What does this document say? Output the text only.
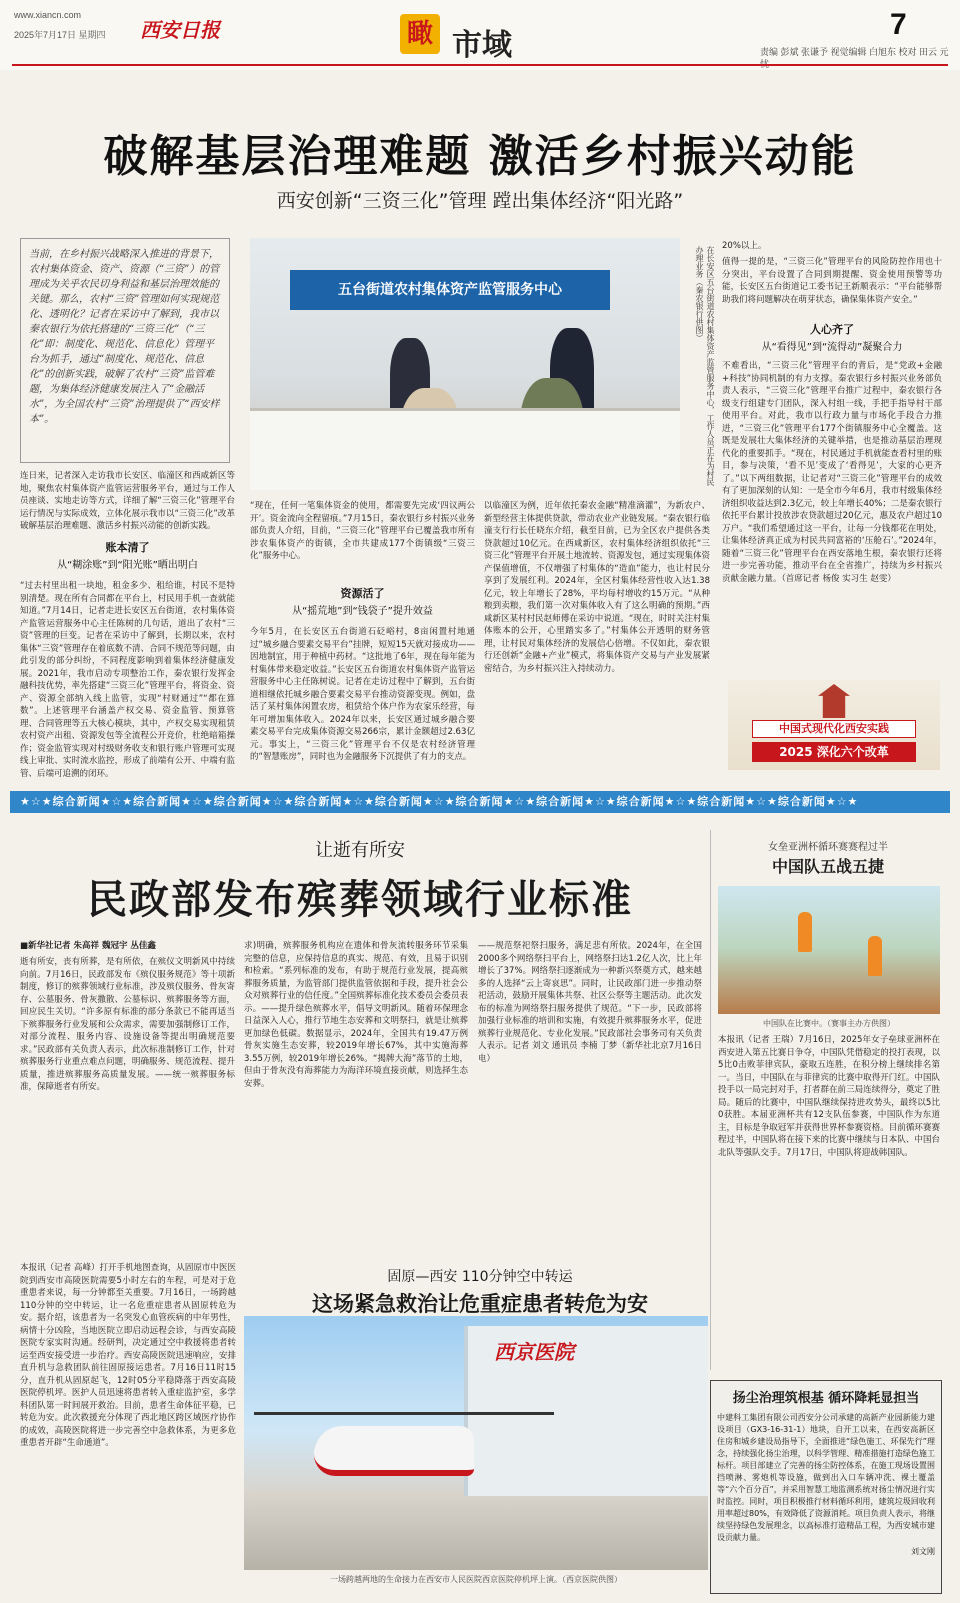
www.xiancn.com
2025年7月17日 星期四 西安日报	瞰 市域
7
责编 彭斌 张谦予 视觉编辑 白旭东 校对 田云 元
破解基层治理难题 激活乡村振兴动能
西安创新“三资三化”管理 蹚出集体经济“阳光路”
当前，在乡村振兴战略深入推进的背景下，农村集体资金、资产、资源（“三资”）的管理成为关乎农民切身利益和基层治理效能的关键。那么，农村“三资”管理如何实现规范化、透明化？记者在采访中了解到，我市以秦农银行为依托搭建的“三资三化”（“三化”即：制度化、规范化、信息化）管理平台为抓手，通过“制度化、规范化、信息化”的创新实践，破解了农村“三资”监管难题，为集体经济健康发展注入了“金融活水”，为全国农村“三资”治理提供了“西安样本”。
五台街道农村集体资产监管服务中心	在长安区五台街道农村集体资产监管服务中心，工作人员正在为村民办理业务（秦农银行供图）
连日来，记者深入走访我市长安区、临潼区和西咸新区等地，聚焦农村集体资产监管运营服务平台，通过与工作人员座谈、实地走访等方式，详细了解“三资三化”管理平台运行情况与实际成效，立体化展示我市以“三资三化”改革破解基层治理难题、激活乡村振兴动能的创新实践。
账本清了
从“糊涂账”到“阳光账”晒出明白
“过去村里出租一块地，租金多少、租给谁，村民不是特别清楚。现在所有合同都在平台上，村民用手机一查就能知道。”7月14日，记者走进长安区五台街道，农村集体资产监管运营服务中心主任陈树的几句话，道出了农村“三资”管理的巨变。记者在采访中了解到，长期以来，农村集体“三资”管理存在着底数不清、合同不规范等问题，由此引发的部分纠纷，不同程度影响到着集体经济健康发展。2021年，我市启动专项整治工作，秦农银行发挥金融科技优势，率先搭建“三资三化”管理平台，将资金、资产、资源全部纳入线上监管，实现“村财通过”“都在算数”。上述管理平台涵盖产权交易、资金监管、预算管理、合同管理等五大核心模块，其中，产权交易实现租赁农村资产出租、资源发包等全流程公开竞价，杜绝暗箱操作；资金监管实现对村级财务收支和银行账户管理可实现线上审批、实时流水监控，形成了前端有公开、中端有监管、后端可追溯的闭环。
“现在，任何一笔集体资金的使用，都需要先完成‘四议两公开’。资金流向全程留痕。”7月15日，秦农银行乡村振兴业务部负责人介绍，目前，“三资三化”管理平台已覆盖我市所有涉农集体资产的街镇，全市共建成177个街镇级“三资三化”服务中心。
资源活了
从“摇荒地”到“钱袋子”提升效益
今年5月，在长安区五台街道石砭峪村，8亩闲置村地通过“城乡融合要素交易平台”挂牌，短短15天就对接成功——因地制宜，用于种植中药材。“这批地了6年，现在每年能为村集体带来稳定收益。”长安区五台街道农村集体资产监管运营服务中心主任陈树说。记者在走访过程中了解到，五台街道相继依托城乡融合要素交易平台推动资源变现。例如，盘活了某村集体闲置农房，租赁给个体户作为农家乐经营，每年可增加集体收入。2024年以来，长安区通过城乡融合要素交易平台完成集体资源交易266宗，累计金额超过2.63亿元。事实上，“三资三化”管理平台不仅是农村经济管理的“智慧账房”，同时也为金融服务下沉提供了有力的支点。
以临潼区为例，近年依托秦农金融“精准滴灌”，为新农户、新型经营主体提供贷款，带动农业产业链发展。“秦农银行临潼支行行长任晓东介绍，截至目前，已为全区农户提供各类贷款超过10亿元。在西咸新区，农村集体经济组织依托“三资三化”管理平台开展土地流转、资源发包，通过实现集体资产保值增值，不仅增强了村集体的“造血”能力，也让村民分享到了发展红利。2024年，全区村集体经营性收入达1.38亿元，较上年增长了28%，平均每村增收约15万元。“从种粮到卖粮，我们第一次对集体收入有了这么明确的预期。”西咸新区某村村民赵师傅在采访中说道。“现在，时时关注村集体账本的公开，心里踏实多了。”村集体公开透明的财务管理，让村民对集体经济的发展信心倍增。不仅如此，秦农银行还创新“金融+产业”模式，将集体资产交易与产业发展紧密结合，为乡村振兴注入持续动力。
20%以上。
值得一提的是，“三资三化”管理平台的风险防控作用也十分突出，平台设置了合同到期提醒、资金使用预警等功能，长安区五台街道记工委书记王新顺表示：“平台能够帮助我们将问题解决在萌芽状态，确保集体资产安全。”
人心齐了
从“看得见”到“流得动”凝聚合力
不难看出，“三资三化”管理平台的背后，是“党政+金融+科技”协同机制的有力支撑。秦农银行乡村振兴业务部负责人表示，“三资三化”管理平台推广过程中，秦农银行各级支行组建专门团队，深入村组一线，手把手指导村干部使用平台。对此，我市以行政力量与市场化手段合力推进，“三资三化”管理平台177个街镇服务中心全覆盖。这既是发展壮大集体经济的关键举措，也是推动基层治理现代化的重要抓手。“现在，村民通过手机就能查看村里的账目，参与决策，‘看不见’变成了‘看得见’，大家的心更齐了。”以下两组数据，让记者对“三资三化”管理平台的成效有了更加深刻的认知：一是全市今年6月，我市村级集体经济组织收益达到2.3亿元，较上年增长40%；二是秦农银行依托平台累计投放涉农贷款超过20亿元，惠及农户超过10万户。“我们希望通过这一平台，让每一分钱都花在明处，让集体经济真正成为村民共同富裕的‘压舱石’。”2024年，随着“三资三化”管理平台在西安落地生根，秦农银行还将进一步完善功能，推动平台在全省推广，持续为乡村振兴贡献金融力量。（首席记者 杨俊 实习生 赵雯）
中国式现代化西安实践
2025 深化六个改革
★☆★综合新闻★☆★综合新闻★☆★综合新闻★☆★综合新闻★☆★综合新闻★☆★综合新闻★☆★综合新闻★☆★综合新闻★☆★综合新闻★☆★综合新闻★☆★
让逝有所安
民政部发布殡葬领域行业标准
■新华社记者 朱高祥 魏冠宇 丛佳鑫
逝有所安，丧有所葬，是有所依，在殡仪文明新风中持续向前。7月16日，民政部发布《殡仪服务规范》等十项新制度，修订的殡葬领域行业标准，涉及殡仪服务、骨灰寄存、公墓服务、骨灰撒散、公墓标识、殡葬服务等方面，回应民生关切。“许多原有标准的部分条款已不能再适当下殡葬服务行业发展和公众需求，需要加强制修订工作，对部分流程、服务内容、设施设备等提出明确规范要求。”民政部有关负责人表示，此次标准制修订工作，针对殡葬服务行业重点难点问题，明确服务、规范流程、提升质量，推进殡葬服务高质量发展。——统一殡葬服务标准，保障逝者有所安。
求)明确，殡葬服务机构应在遗体和骨灰流转服务环节采集完整的信息，应保持信息的真实、规范、有效，且易于识别和检索。“系列标准的发布，有助于规范行业发展，提高殡葬服务质量，为监管部门提供监管依据和手段，提升社会公众对殡葬行业的信任度。”全国殡葬标准化技术委员会委员表示。——提升绿色殡葬水平，倡导文明新风。随着环保理念日益深入人心，推行节地生态安葬和文明祭扫，就是让殡葬更加绿色低碳。数据显示，2024年，全国共有19.47万例骨灰实施生态安葬，较2019年增长67%，其中实施海葬3.55万例，较2019年增长26%。“揭牌大海”落节的土地，但由于骨灰没有海葬能力为海洋环境直接贡献，则选择生态安葬。
——规范祭祀祭扫服务，满足悲有所依。2024年，在全国2000多个网络祭扫平台上，网络祭扫达1.2亿人次，比上年增长了37%。网络祭扫逐渐成为一种新兴祭奠方式，越来越多的人选择“云上寄哀思”。同时，让民政部门进一步推动祭祀活动，鼓励开展集体共祭、社区公祭等主题活动。此次发布的标准为网络祭扫服务提供了规范。“下一步，民政部将加强行业标准的培训和实施，有效提升殡葬服务水平，促进殡葬行业规范化、专业化发展。”民政部社会事务司有关负责人表示。记者 刘文 通讯员 李楠 丁梦（新华社北京7月16日电）
女垒亚洲杯循环赛赛程过半
中国队五战五捷
中国队在比赛中。（赛事主办方供图）
本报讯（记者 王瑞）7月16日，2025年女子垒球亚洲杯在西安进入第五比赛日争夺，中国队凭借稳定的投打表现，以5比0击败菲律宾队，豪取五连胜，在积分榜上继续排名第一。当日，中国队在与菲律宾的比赛中取得开门红。中国队投手以一局完封对手，打者群在前三局连续得分，奠定了胜局。随后的比赛中，中国队继续保持进攻势头，最终以5比0获胜。本届亚洲杯共有12支队伍参赛，中国队作为东道主，目标是争取冠军并获得世界杯参赛资格。目前循环赛赛程过半，中国队将在接下来的比赛中继续与日本队、中国台北队等强队交手。7月17日，中国队将迎战韩国队。
本报讯（记者 高峰）打开手机地图查询，从固原市中医医院到西安市高陵医院需要5小时左右的车程，可是对于危重患者来说，每一分钟都至关重要。7月16日，一场跨越110分钟的空中转运，让一名危重症患者从固原转危为安。据介绍，该患者为一名突发心血管疾病的中年男性，病情十分凶险，当地医院立即启动远程会诊，与西安高陵医院专家实时沟通。经研判，决定通过空中救援将患者转运至西安接受进一步治疗。西安高陵医院迅速响应，安排直升机与急救团队前往固原接运患者。7月16日11时15分，直升机从固原起飞，12时05分平稳降落于西安高陵医院停机坪。医护人员迅速将患者转入重症监护室，多学科团队第一时间展开救治。目前，患者生命体征平稳，已转危为安。此次救援充分体现了西北地区跨区域医疗协作的成效，高陵医院将进一步完善空中急救体系，为更多危重患者开辟“生命通道”。
固原—西安 110分钟空中转运
这场紧急救治让危重症患者转危为安
西京医院
一场跨越两地的生命接力在西安市人民医院西京医院停机坪上演。（西京医院供图）
扬尘治理筑根基 循环降耗显担当
中建科工集团有限公司西安分公司承建的高新产业园新能力建设项目（GX3-16-31-1）地块，自开工以来，在西安高新区住房和城乡建设局指导下，全面推进“绿色施工、环保先行”理念，持续强化扬尘治理，以科学管理、精准措施打造绿色施工标杆。项目部建立了完善的扬尘防控体系，在施工现场设置围挡喷淋、雾炮机等设施，做到出入口车辆冲洗、裸土覆盖等“六个百分百”，并采用智慧工地监测系统对扬尘情况进行实时监控。同时，项目积极推行材料循环利用，建筑垃圾回收利用率超过80%，有效降低了资源消耗。项目负责人表示，将继续坚持绿色发展理念，以高标准打造精品工程，为西安城市建设贡献力量。
刘文刚
